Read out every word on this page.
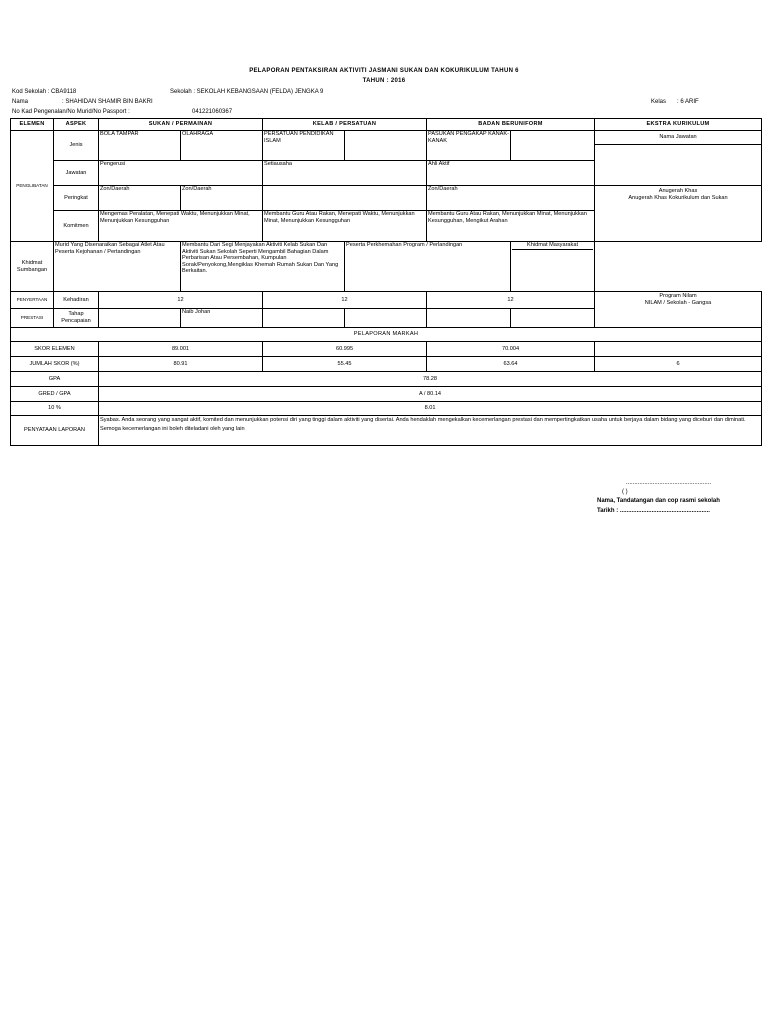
PELAPORAN PENTAKSIRAN AKTIVITI JASMANI SUKAN DAN KOKURIKULUM TAHUN 6
TAHUN : 2016
Kod Sekolah : CBA9118	Sekolah : SEKOLAH KEBANGSAAN (FELDA) JENGKA 9
Nama	: SHAHIDAN SHAMIR BIN BAKRI	Kelas : 6 ARIF
No Kad Pengenalan/No Murid/No Passport :	041221060367
ELEMEN	ASPEK	SUKAN / PERMAINAN		KELAB / PERSATUAN		BADAN BERUNIFORM		EKSTRA KURIKULUM
PENGLIBATAN	Jenis	BOLA TAMPAR	OLAHRAGA	PERSATUAN PENDIDIKAN ISLAM		PASUKAN PENGAKAP KANAK-KANAK		Nama Jawatan

	Jawatan	Pengerusi		Setiausaha		Ahli Aktif		
	Peringkat	Zon/Daerah	Zon/Daerah			Zon/Daerah		Anugerah Khas
Anugerah Khas Kokurikulum dan Sukan

	Komitmen	Mengemas Peralatan, Menepati Waktu, Menunjukkan Minat, Menunjukkan Kesungguhan		Membantu Guru Atau Rakan, Menepati Waktu, Menunjukkan Minat, Menunjukkan Kesungguhan		Membantu Guru Atau Rakan, Menunjukkan Minat, Menunjukkan Kesungguhan, Mengikut Arahan		
Khidmat Sumbangan	Murid Yang Disenaraikan Sebagai Atlet Atau Peserta Kejohanan / Pertandingan		Membantu Dari Segi Menjayakan Aktiviti Kelab Sukan Dan Aktiviti Sukan Sekolah Seperti Mengambil Bahagian Dalam Perbarisan Atau Persembahan, Kumpulan Sorak/Penyokong,Mengiklas Khemah Rumah Sukan Dan Yang Berkaitan.		Peserta Perkhemahan Program / Perlandingan		Khidmat Masyarakat	

PENYERTAAN	Kehadiran	12		12		12		Program Nilam
NILAM / Sekolah - Gangsa

PRESTASI	Tahap Pencapaian		Naib Johan					
PELAPORAN MARKAH								
SKOR ELEMEN		89.001		60.995		70.004		
JUMLAH SKOR (%)		80.91		55.45		63.64		6
GPA		78.28						
GRED / GPA		A / 80.14						
10 %		8.01						
PENYATAAN LAPORAN		Syabas. Anda seorang yang sangat aktif, komited dan menunjukkan potensi diri yang tinggi dalam aktiviti yang disertai. Anda hendaklah mengekalkan kecemerlangan prestasi dan mempertingkatkan usaha untuk berjaya dalam bidang yang diceburi dan diminati. Semoga kecemerlangan ini boleh diteladani oleh yang lain						
...................................................
( )
Nama, Tandatangan dan cop rasmi sekolah
Tarikh : ......................................................
